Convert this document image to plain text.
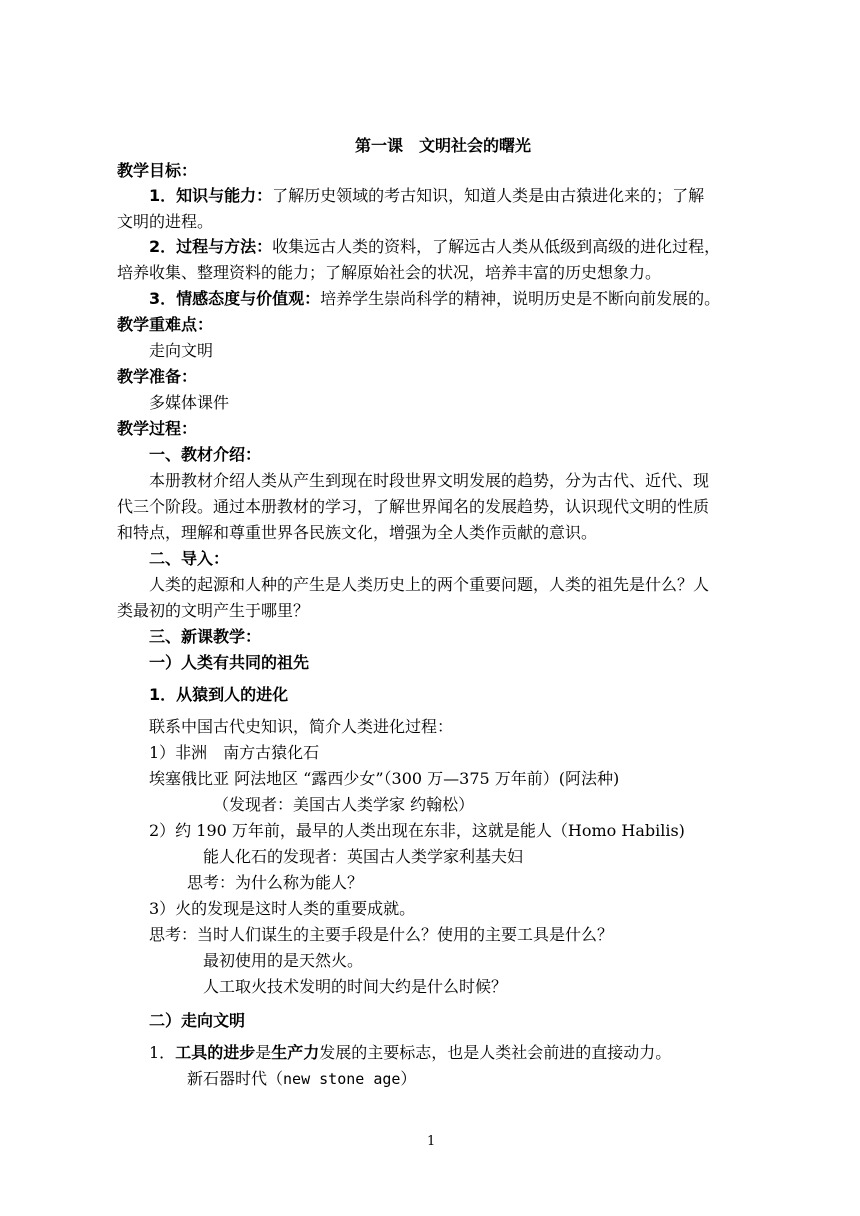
第一课　文明社会的曙光
教学目标：
1．知识与能力：了解历史领域的考古知识，知道人类是由古猿进化来的；了解
文明的进程。
2．过程与方法：收集远古人类的资料，了解远古人类从低级到高级的进化过程，
培养收集、整理资料的能力；了解原始社会的状况，培养丰富的历史想象力。
3．情感态度与价值观：培养学生崇尚科学的精神，说明历史是不断向前发展的。
教学重难点：
走向文明
教学准备：
多媒体课件
教学过程：
一、教材介绍：
本册教材介绍人类从产生到现在时段世界文明发展的趋势，分为古代、近代、现
代三个阶段。通过本册教材的学习，了解世界闻名的发展趋势，认识现代文明的性质
和特点，理解和尊重世界各民族文化，增强为全人类作贡献的意识。
二、导入：
人类的起源和人种的产生是人类历史上的两个重要问题，人类的祖先是什么？人
类最初的文明产生于哪里？
三、新课教学：
一）人类有共同的祖先
1．从猿到人的进化
联系中国古代史知识，简介人类进化过程：
1）非洲　南方古猿化石
埃塞俄比亚 阿法地区 “露西少女”（300 万—375 万年前）(阿法种)
（发现者：美国古人类学家 约翰松）
2）约 190 万年前，最早的人类出现在东非，这就是能人（Homo Habilis)
能人化石的发现者：英国古人类学家利基夫妇
思考：为什么称为能人？
3）火的发现是这时人类的重要成就。
思考：当时人们谋生的主要手段是什么？使用的主要工具是什么？
最初使用的是天然火。
人工取火技术发明的时间大约是什么时候？
二）走向文明
1．工具的进步是生产力发展的主要标志，也是人类社会前进的直接动力。
新石器时代（new stone age）
1
